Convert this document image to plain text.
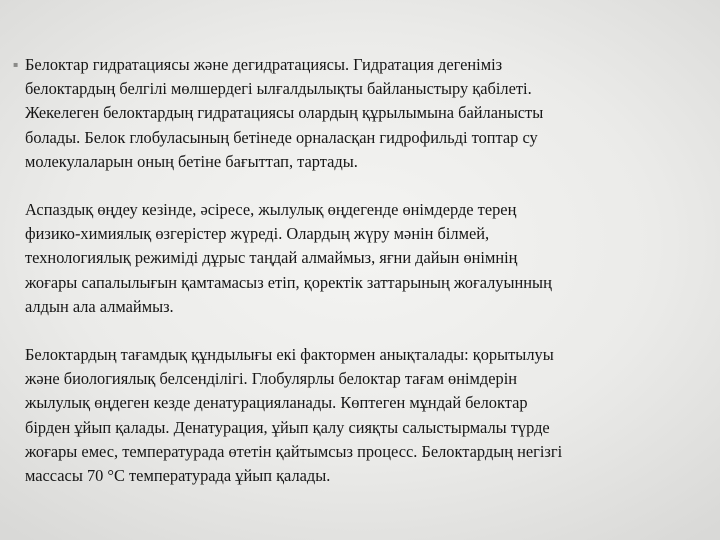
▪ Белоктар гидратациясы және дегидратациясы. Гидратация дегеніміз
белоктардың белгілі мөлшердегі ылғалдылықты байланыстыру қабілеті.
Жекелеген белоктардың гидратациясы олардың құрылымына байланысты
болады. Белок глобуласының бетінеде орналасқан гидрофильді топтар су
молекулаларын оның бетіне бағыттап, тартады.

Аспаздық өңдеу кезінде, әсіресе, жылулық өңдегенде өнімдерде терең
физико-химиялық өзгерістер жүреді. Олардың жүру мәнін білмей,
технологиялық режимiді дұрыс таңдай алмаймыз, яғни дайын өнімнің
жоғары сапалылығын қамтамасыз етіп, қоректік заттарының жоғалуынның
алдын ала алмаймыз.

Белоктардың тағамдық құндылығы екі фактормен анықталады: қорытылуы
және биологиялық белсенділігі. Глобулярлы белоктар тағам өнімдерін
жылулық өңдеген кезде денатурацияланады. Көптеген мұндай белоктар
бірден ұйып қалады. Денатурация, ұйып қалу сияқты салыстырмалы түрде
жоғары емес, температурада өтетін қайтымсыз процесс. Белоктардың негізгі
массасы 70 °С температурада ұйып қалады.
